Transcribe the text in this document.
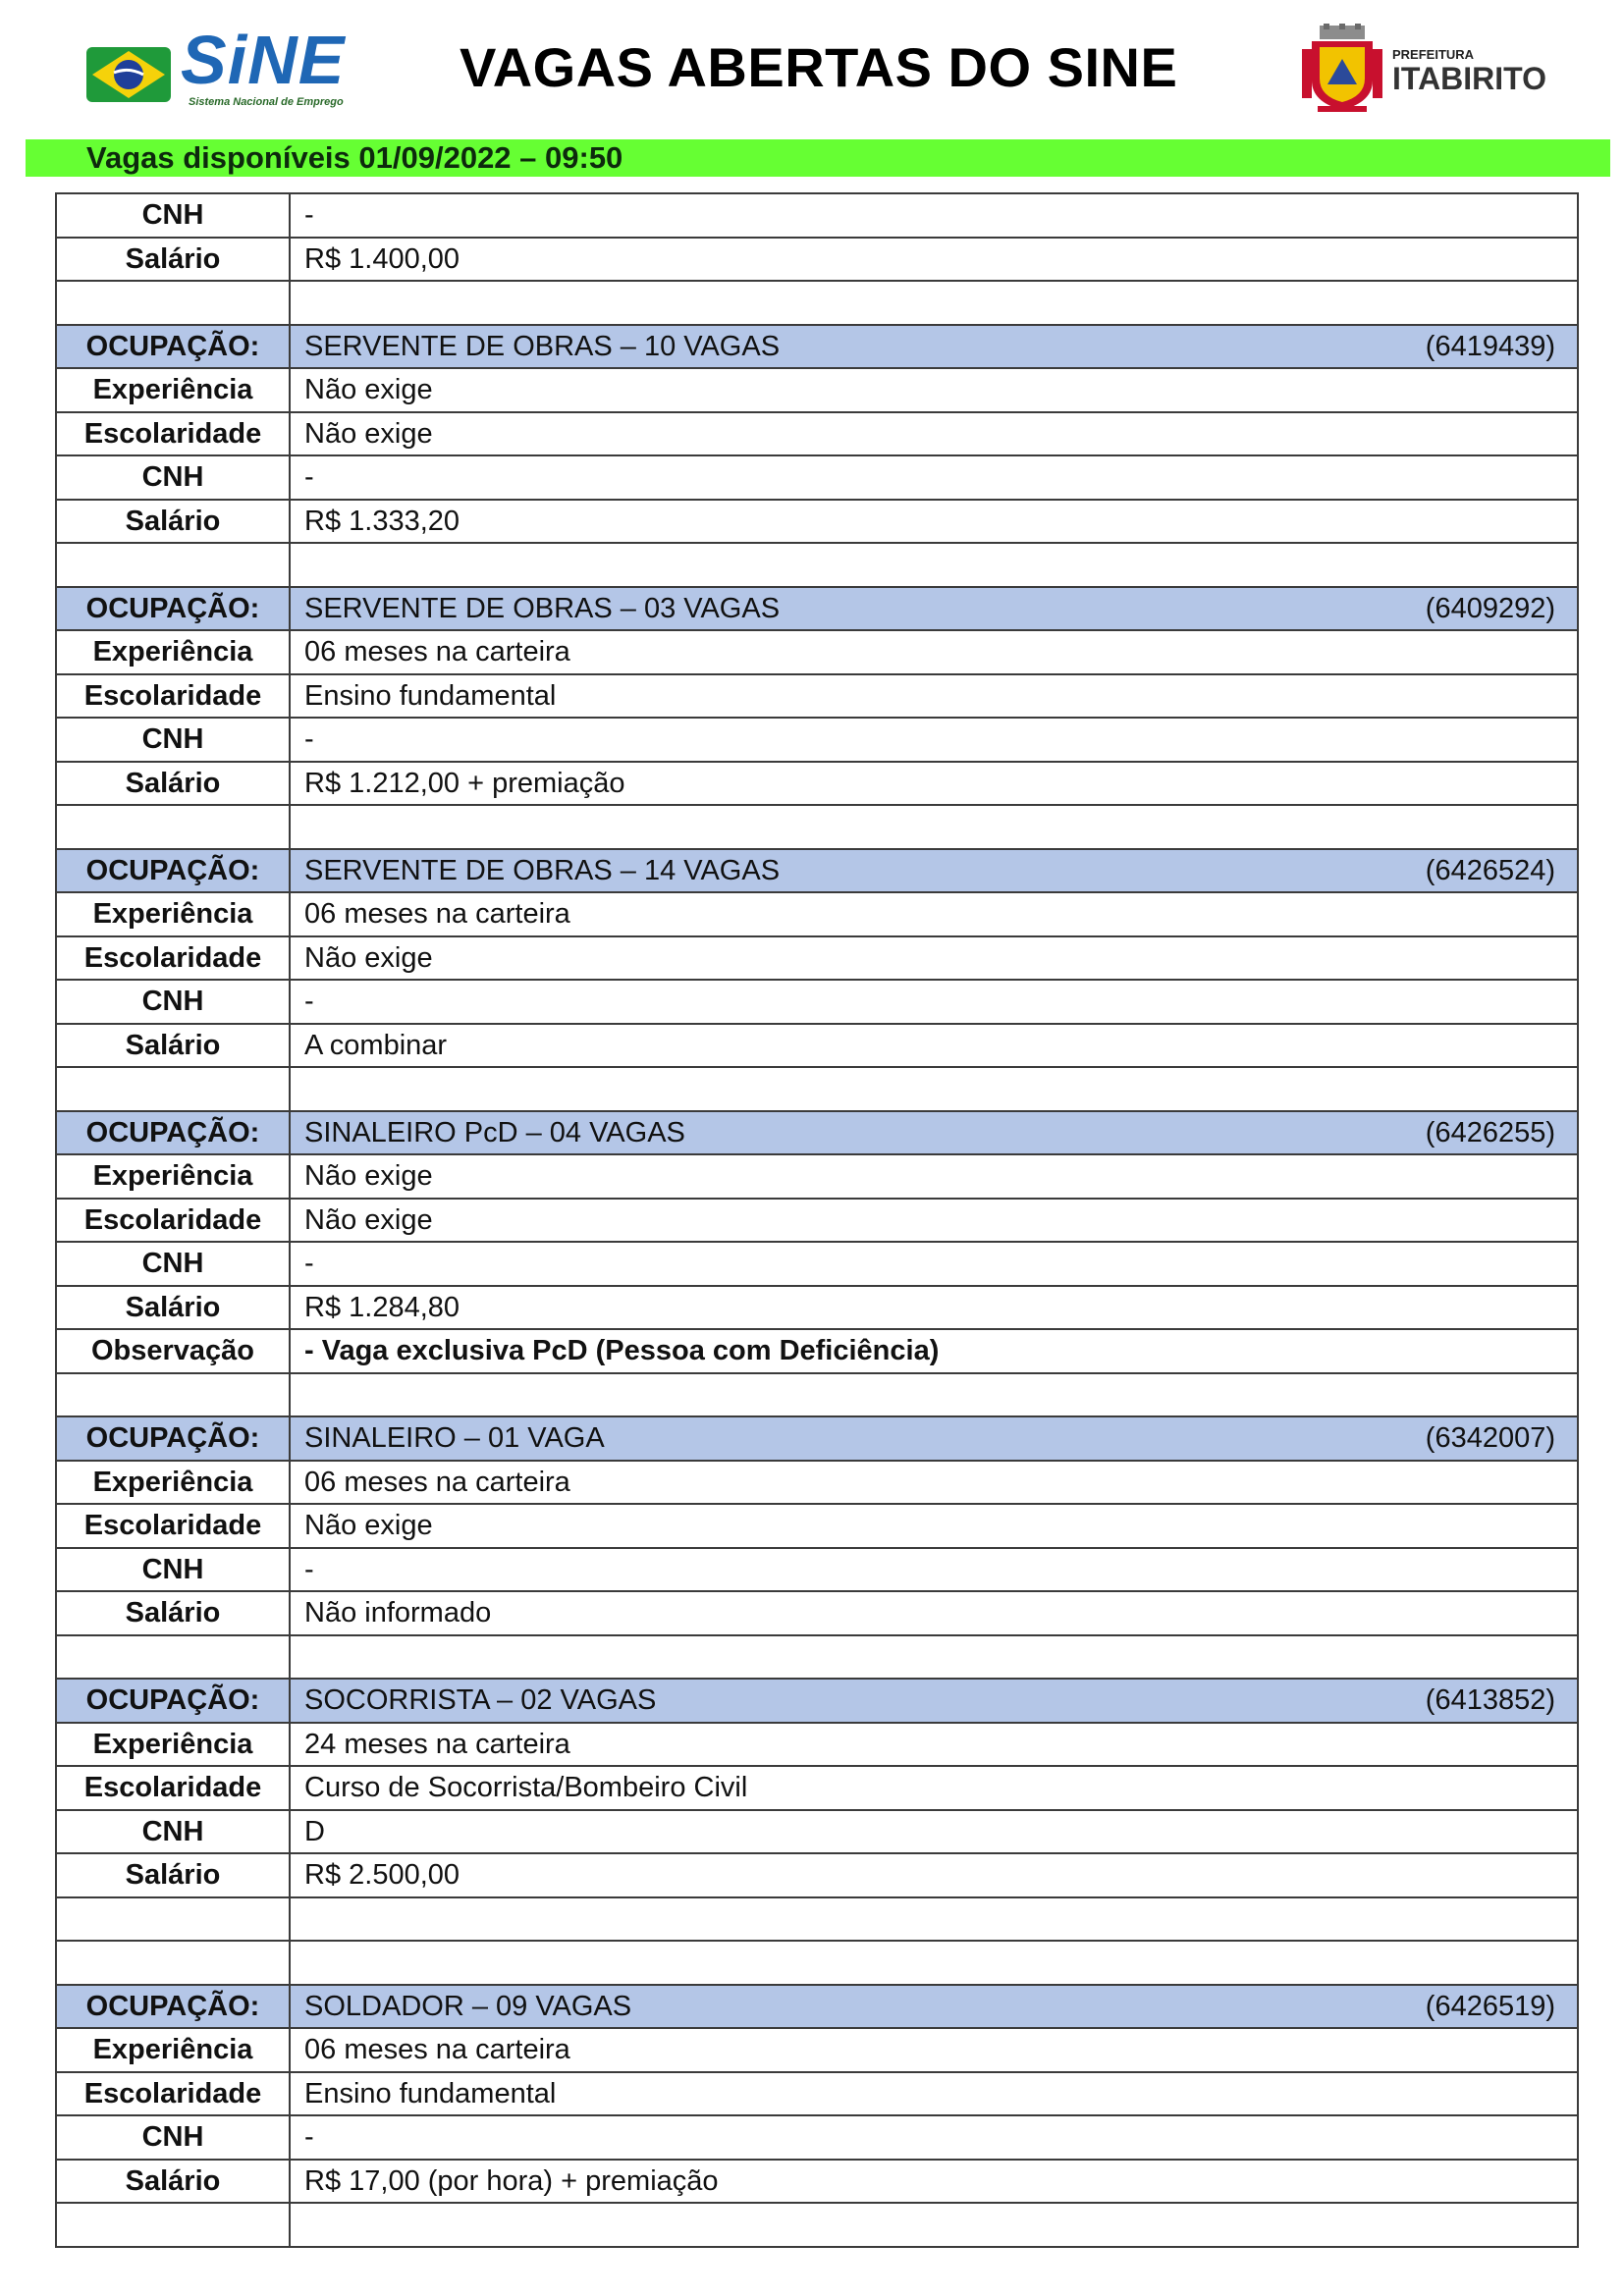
SiNE
Sistema Nacional de Emprego
VAGAS ABERTAS DO SINE	PREFEITURA
ITABIRITO
Vagas disponíveis 01/09/2022 – 09:50
CNH	-
Salário	R$ 1.400,00
OCUPAÇÃO:	SERVENTE DE OBRAS – 10 VAGAS	(6419439)
Experiência	Não exige
Escolaridade	Não exige
CNH	-
Salário	R$ 1.333,20
OCUPAÇÃO:	SERVENTE DE OBRAS – 03 VAGAS	(6409292)
Experiência	06 meses na carteira
Escolaridade	Ensino fundamental
CNH	-
Salário	R$ 1.212,00 + premiação
OCUPAÇÃO:	SERVENTE DE OBRAS – 14 VAGAS	(6426524)
Experiência	06 meses na carteira
Escolaridade	Não exige
CNH	-
Salário	A combinar
OCUPAÇÃO:	SINALEIRO PcD – 04 VAGAS	(6426255)
Experiência	Não exige
Escolaridade	Não exige
CNH	-
Salário	R$ 1.284,80
Observação	- Vaga exclusiva PcD (Pessoa com Deficiência)
OCUPAÇÃO:	SINALEIRO – 01 VAGA	(6342007)
Experiência	06 meses na carteira
Escolaridade	Não exige
CNH	-
Salário	Não informado
OCUPAÇÃO:	SOCORRISTA – 02 VAGAS	(6413852)
Experiência	24 meses na carteira
Escolaridade	Curso de Socorrista/Bombeiro Civil
CNH	D
Salário	R$ 2.500,00
OCUPAÇÃO:	SOLDADOR – 09 VAGAS	(6426519)
Experiência	06 meses na carteira
Escolaridade	Ensino fundamental
CNH	-
Salário	R$ 17,00 (por hora) + premiação
